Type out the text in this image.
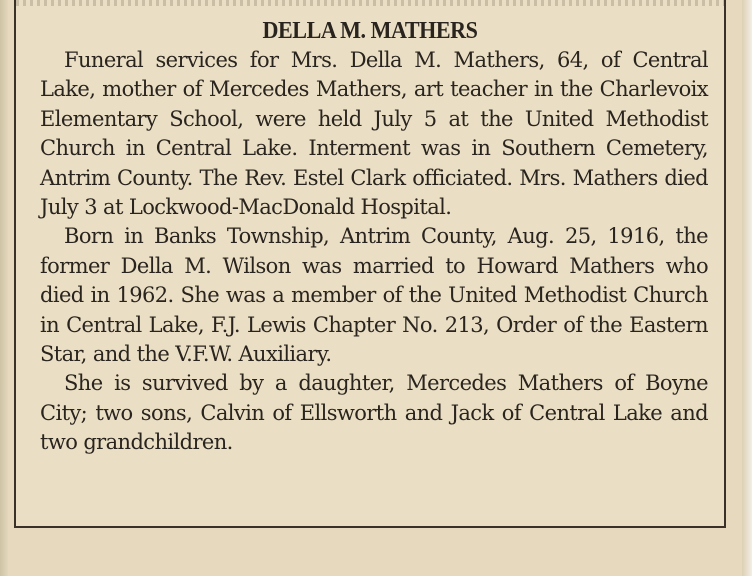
DELLA M. MATHERS

Funeral services for Mrs. Della M. Mathers, 64, of Central Lake, mother of Mercedes Mathers, art teacher in the Charlevoix Elementary School, were held July 5 at the United Methodist Church in Central Lake. Interment was in Southern Cemetery, Antrim County. The Rev. Estel Clark officiated. Mrs. Mathers died July 3 at Lockwood-MacDonald Hospital.

Born in Banks Township, Antrim County, Aug. 25, 1916, the former Della M. Wilson was married to Howard Mathers who died in 1962. She was a member of the United Methodist Church in Central Lake, F.J. Lewis Chapter No. 213, Order of the Eastern Star, and the V.F.W. Auxiliary.

She is survived by a daughter, Mercedes Mathers of Boyne City; two sons, Calvin of Ellsworth and Jack of Central Lake and two grandchildren.
